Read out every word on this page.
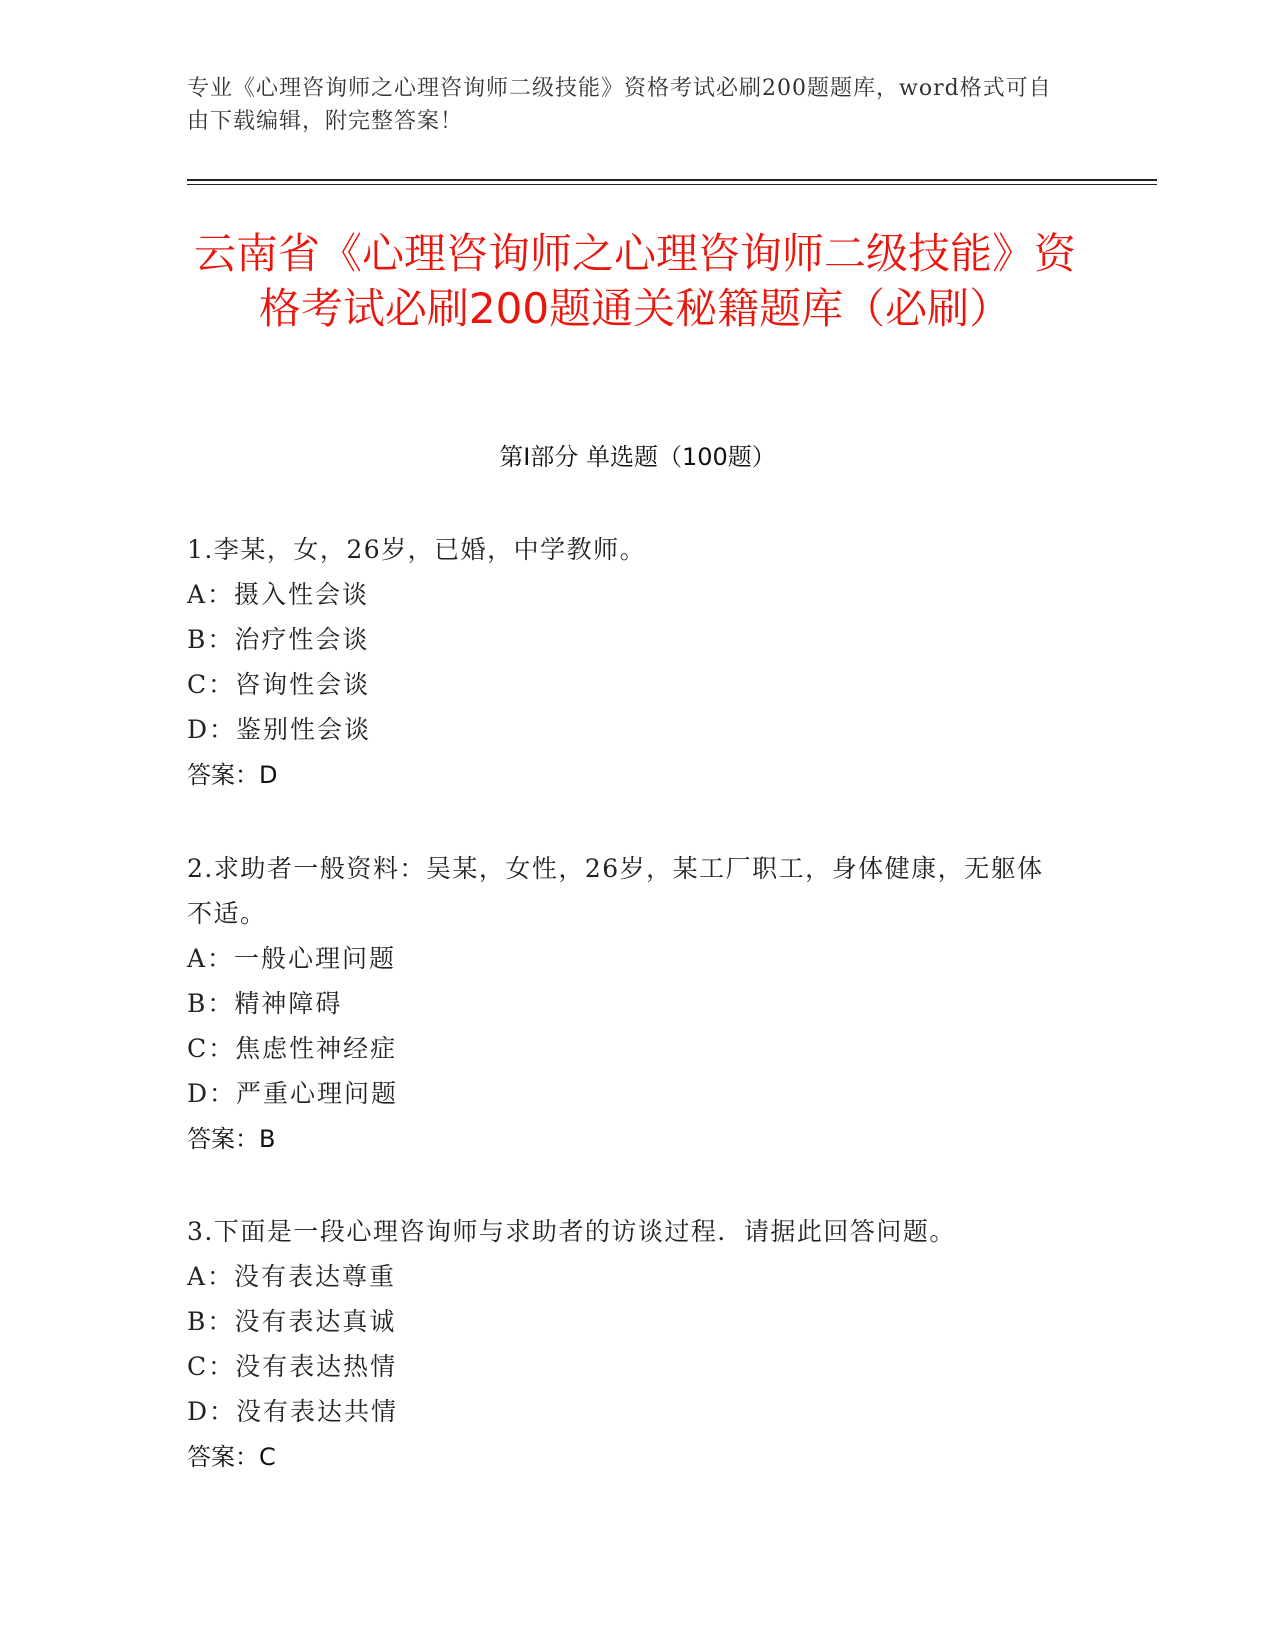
专业《心理咨询师之心理咨询师二级技能》资格考试必刷200题题库，word格式可自由下载编辑，附完整答案！
云南省《心理咨询师之心理咨询师二级技能》资格考试必刷200题通关秘籍题库（必刷）
第Ⅰ部分 单选题（100题）
1.李某，女，26岁，已婚，中学教师。
A：摄入性会谈
B：治疗性会谈
C：咨询性会谈
D：鉴别性会谈
答案：D
2.求助者一般资料：吴某，女性，26岁，某工厂职工，身体健康，无躯体不适。
A：一般心理问题
B：精神障碍
C：焦虑性神经症
D：严重心理问题
答案：B
3.下面是一段心理咨询师与求助者的访谈过程．请据此回答问题。
A：没有表达尊重
B：没有表达真诚
C：没有表达热情
D：没有表达共情
答案：C
